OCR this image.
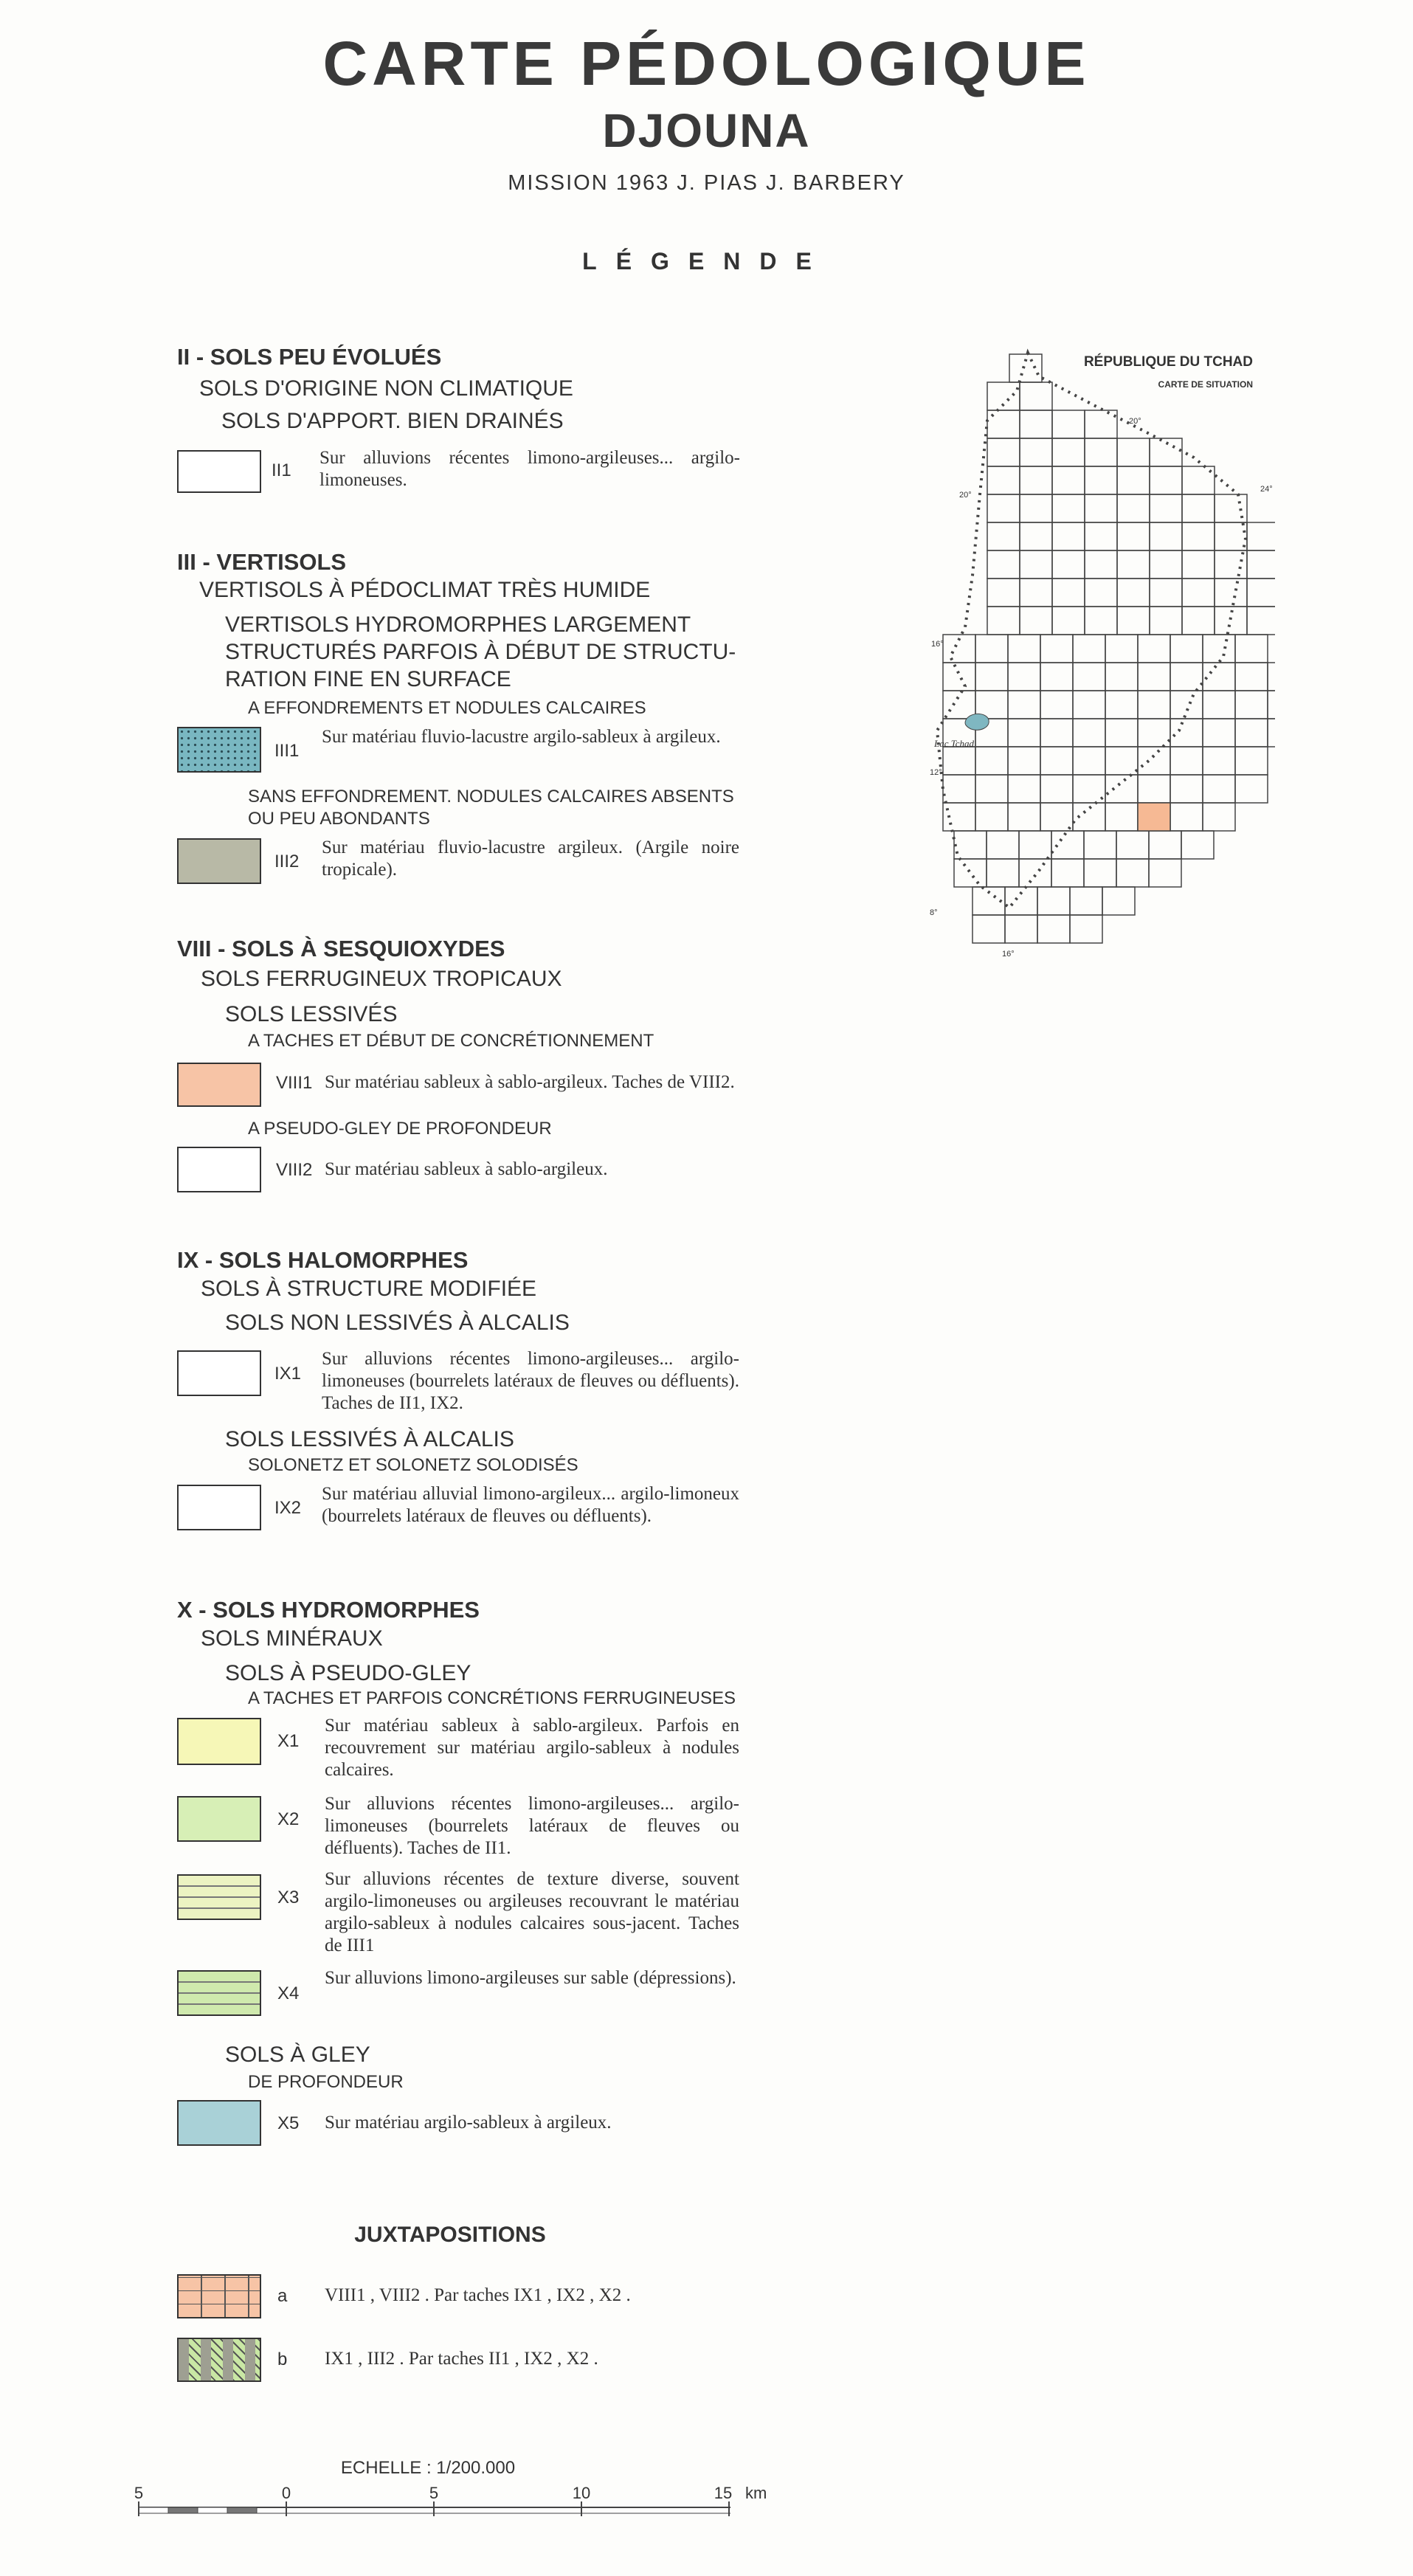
CARTE PÉDOLOGIQUE
DJOUNA
MISSION 1963 J. PIAS J. BARBERY
LÉGENDE
II - SOLS PEU ÉVOLUÉS
SOLS D'ORIGINE NON CLIMATIQUE
SOLS D'APPORT. BIEN DRAINÉS
II1
Sur alluvions récentes limono-argileuses... argilo-limoneuses.
III - VERTISOLS
VERTISOLS À PÉDOCLIMAT TRÈS HUMIDE
VERTISOLS HYDROMORPHES LARGEMENT
STRUCTURÉS PARFOIS À DÉBUT DE STRUCTU-
RATION FINE EN SURFACE
A EFFONDREMENTS ET NODULES CALCAIRES
III1
Sur matériau fluvio-lacustre argilo-sableux à argileux.
SANS EFFONDREMENT. NODULES CALCAIRES ABSENTS
OU PEU ABONDANTS
III2
Sur matériau fluvio-lacustre argileux. (Argile noire tropicale).
VIII - SOLS À SESQUIOXYDES
SOLS FERRUGINEUX TROPICAUX
SOLS LESSIVÉS
A TACHES ET DÉBUT DE CONCRÉTIONNEMENT
VIII1 Sur matériau sableux à sablo-argileux. Taches de VIII2.
A PSEUDO-GLEY DE PROFONDEUR
VIII2 Sur matériau sableux à sablo-argileux.
IX - SOLS HALOMORPHES
SOLS À STRUCTURE MODIFIÉE
SOLS NON LESSIVÉS À ALCALIS
IX1
Sur alluvions récentes limono-argileuses... argilo-limoneuses (bourrelets latéraux de fleuves ou défluents). Taches de II1, IX2.
SOLS LESSIVÉS À ALCALIS
SOLONETZ ET SOLONETZ SOLODISÉS
IX2
Sur matériau alluvial limono-argileux... argilo-limoneux (bourrelets latéraux de fleuves ou défluents).
X - SOLS HYDROMORPHES
SOLS MINÉRAUX
SOLS À PSEUDO-GLEY
A TACHES ET PARFOIS CONCRÉTIONS FERRUGINEUSES
X1
Sur matériau sableux à sablo-argileux. Parfois en recouvrement sur matériau argilo-sableux à nodules calcaires.
X2
Sur alluvions récentes limono-argileuses... argilo-limoneuses (bourrelets latéraux de fleuves ou défluents). Taches de II1.
X3
Sur alluvions récentes de texture diverse, souvent argilo-limoneuses ou argileuses recouvrant le matériau argilo-sableux à nodules calcaires sous-jacent. Taches de III1
X4
Sur alluvions limono-argileuses sur sable (dépressions).
SOLS À GLEY
DE PROFONDEUR
X5 Sur matériau argilo-sableux à argileux.
JUXTAPOSITIONS
a VIII1 , VIII2 . Par taches IX1 , IX2 , X2 .
b IX1 , III2 . Par taches II1 , IX2 , X2 .
RÉPUBLIQUE DU TCHAD
CARTE DE SITUATION
Lac Tchad
20°
16°
12°
8°
16°
20°
24°
ECHELLE : 1/200.000
5	0	5	10	15 km
